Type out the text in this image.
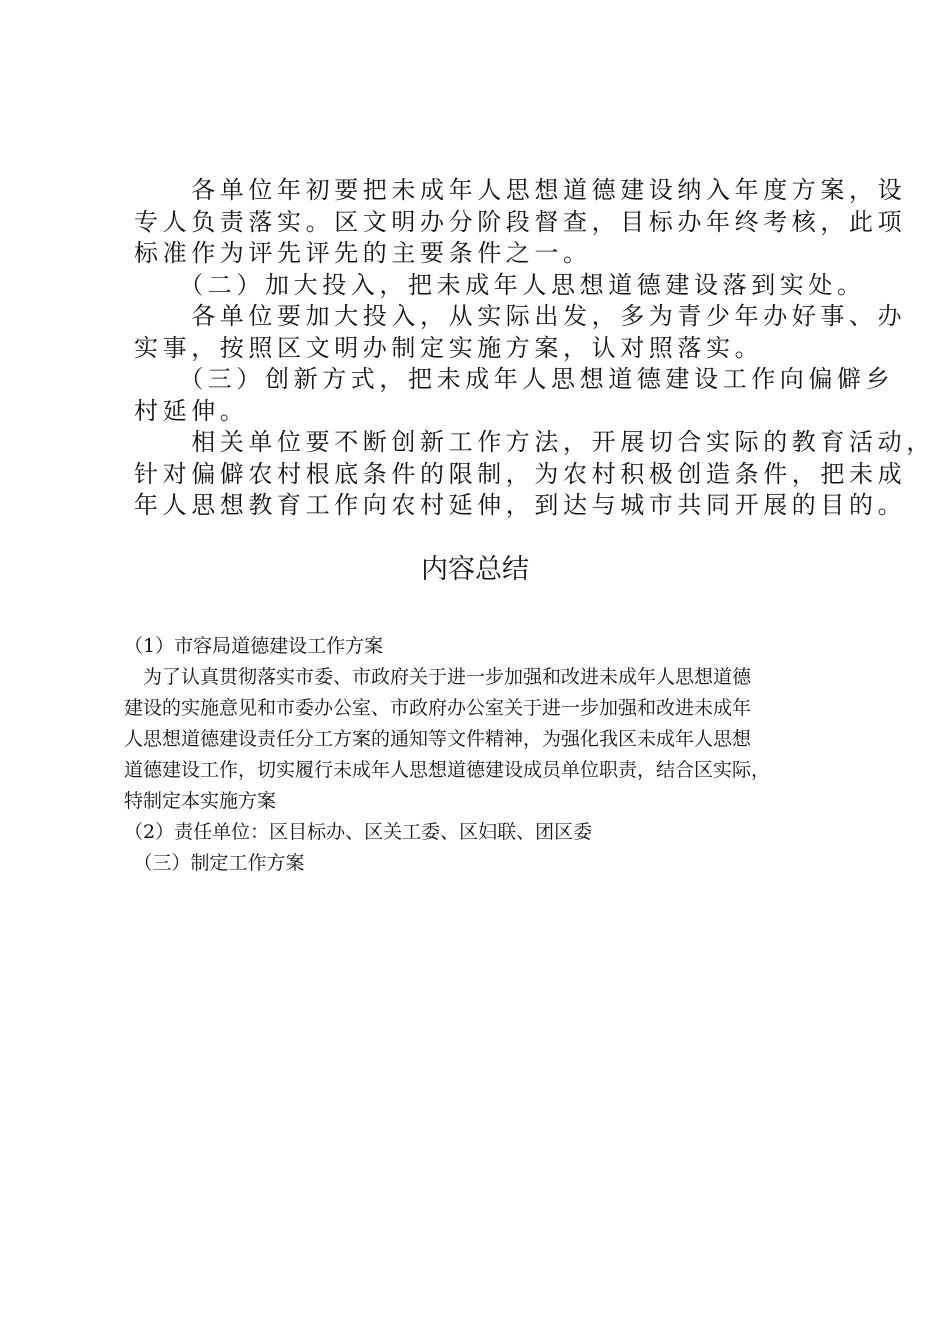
　　各单位年初要把未成年人思想道德建设纳入年度方案，设
专人负责落实。区文明办分阶段督查，目标办年终考核，此项
标准作为评先评先的主要条件之一。
　　（二）加大投入，把未成年人思想道德建设落到实处。
　　各单位要加大投入，从实际出发，多为青少年办好事、办
实事，按照区文明办制定实施方案，认对照落实。
　　（三）创新方式，把未成年人思想道德建设工作向偏僻乡
村延伸。
　　相关单位要不断创新工作方法，开展切合实际的教育活动，
针对偏僻农村根底条件的限制，为农村积极创造条件，把未成
年人思想教育工作向农村延伸，到达与城市共同开展的目的。
内容总结
（1）市容局道德建设工作方案
　为了认真贯彻落实市委、市政府关于进一步加强和改进未成年人思想道德
建设的实施意见和市委办公室、市政府办公室关于进一步加强和改进未成年
人思想道德建设责任分工方案的通知等文件精神，为强化我区未成年人思想
道德建设工作，切实履行未成年人思想道德建设成员单位职责，结合区实际，
特制定本实施方案
（2）责任单位：区目标办、区关工委、区妇联、团区委
　（三）制定工作方案
